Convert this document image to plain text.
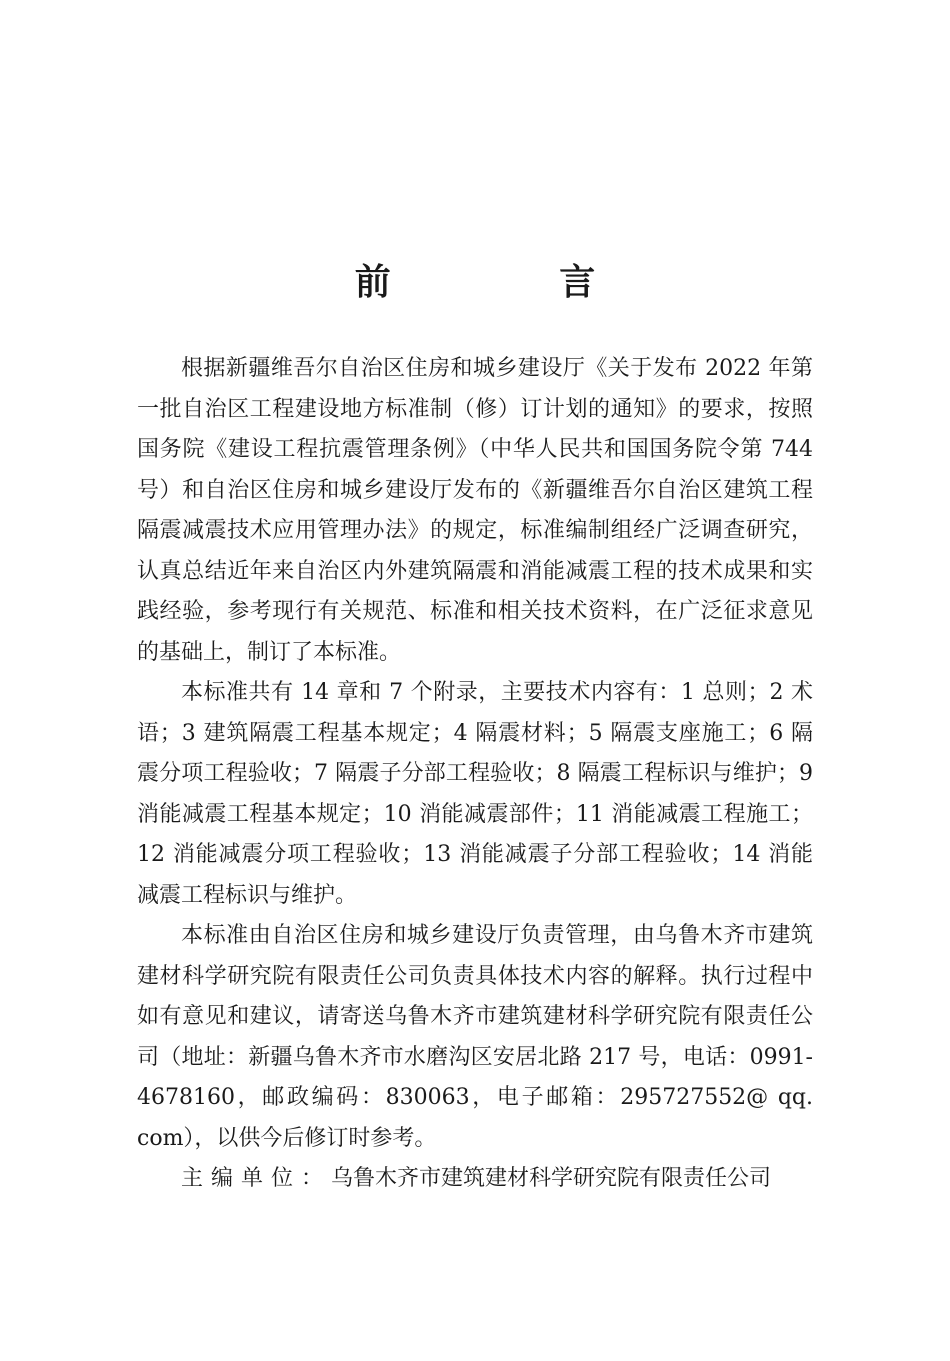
前 言

根据新疆维吾尔自治区住房和城乡建设厅《关于发布 2022 年第一批自治区工程建设地方标准制（修）订计划的通知》的要求，按照国务院《建设工程抗震管理条例》（中华人民共和国国务院令第 744 号）和自治区住房和城乡建设厅发布的《新疆维吾尔自治区建筑工程隔震减震技术应用管理办法》的规定，标准编制组经广泛调查研究，认真总结近年来自治区内外建筑隔震和消能减震工程的技术成果和实践经验，参考现行有关规范、标准和相关技术资料，在广泛征求意见的基础上，制订了本标准。

本标准共有 14 章和 7 个附录，主要技术内容有：1 总则；2 术语；3 建筑隔震工程基本规定；4 隔震材料；5 隔震支座施工；6 隔震分项工程验收；7 隔震子分部工程验收；8 隔震工程标识与维护；9 消能减震工程基本规定；10 消能减震部件；11 消能减震工程施工；12 消能减震分项工程验收；13 消能减震子分部工程验收；14 消能减震工程标识与维护。

本标准由自治区住房和城乡建设厅负责管理，由乌鲁木齐市建筑建材科学研究院有限责任公司负责具体技术内容的解释。执行过程中如有意见和建议，请寄送乌鲁木齐市建筑建材科学研究院有限责任公司（地址：新疆乌鲁木齐市水磨沟区安居北路 217 号，电话：0991-4678160，邮政编码：830063，电子邮箱：295727552@ qq. com），以供今后修订时参考。

主编单位：乌鲁木齐市建筑建材科学研究院有限责任公司
